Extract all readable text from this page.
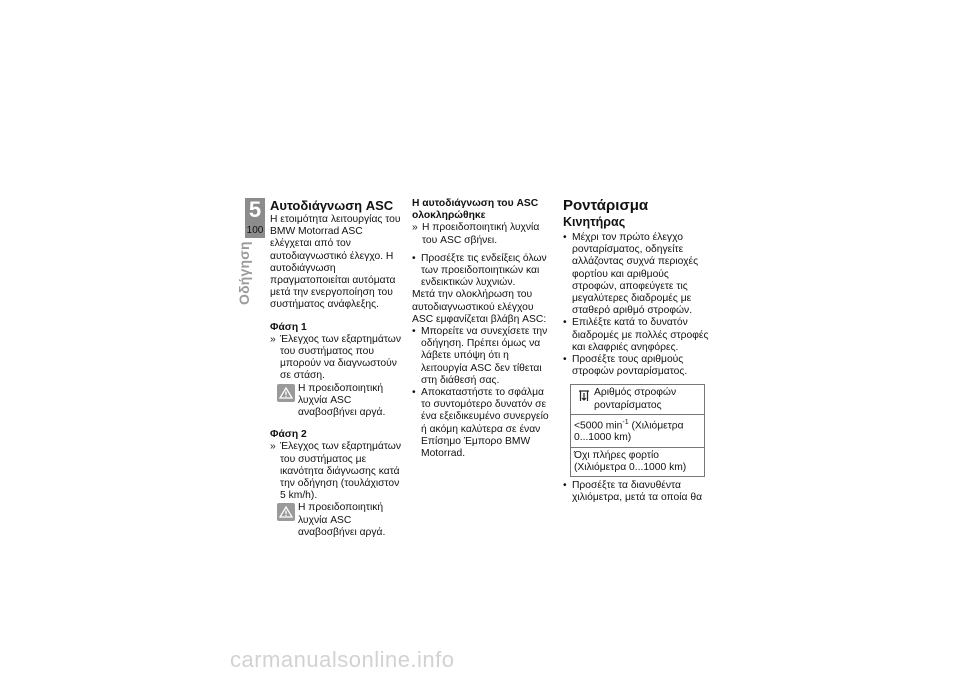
5
100
Οδήγηση
Αυτοδιάγνωση ASC

Η ετοιμότητα λειτουργίας του BMW Motorrad ASC ελέγχεται από τον αυτοδιαγνωστικό έλεγχο. Η αυτοδιάγνωση πραγματοποιείται αυτόματα μετά την ενεργοποίηση του συστήματος ανάφλεξης.

Φάση 1
» Έλεγχος των εξαρτημάτων του συστήματος που μπορούν να διαγνωστούν σε στάση.
Η προειδοποιητική λυχνία ASC αναβοσβήνει αργά.
Φάση 2
» Έλεγχος των εξαρτημάτων του συστήματος με ικανότητα διάγνωσης κατά την οδήγηση (τουλάχιστον 5 km/h).
Η προειδοποιητική λυχνία ASC αναβοσβήνει αργά.
Η αυτοδιάγνωση του ASC ολοκληρώθηκε
» Η προειδοποιητική λυχνία του ASC σβήνει.
• Προσέξτε τις ενδείξεις όλων των προειδοποιητικών και ενδεικτικών λυχνιών.

Μετά την ολοκλήρωση του αυτοδιαγνωστικού ελέγχου ASC εμφανίζεται βλάβη ASC:

• Μπορείτε να συνεχίσετε την οδήγηση. Πρέπει όμως να λάβετε υπόψη ότι η λειτουργία ASC δεν τίθεται στη διάθεσή σας.
• Αποκαταστήστε το σφάλμα το συντομότερο δυνατόν σε ένα εξειδικευμένο συνεργείο ή ακόμη καλύτερα σε έναν Επίσημο Έμπορο BMW Motorrad.
Ροντάρισμα
Κινητήρας
• Μέχρι τον πρώτο έλεγχο ρονταρίσματος, οδηγείτε αλλάζοντας συχνά περιοχές φορτίου και αριθμούς στροφών, αποφεύγετε τις μεγαλύτερες διαδρομές με σταθερό αριθμό στροφών.
• Επιλέξτε κατά το δυνατόν διαδρομές με πολλές στροφές και ελαφριές ανηφόρες.
• Προσέξτε τους αριθμούς στροφών ρονταρίσματος.
Αριθμός στροφών ρονταρίσματος

<5000 $\min^{-1} (X\iota\lambda\iota ό\mu\varepsilon\tau\rho\alpha$ 0...1000 km)
Όχι πλήρες φορτίο (Χιλιόμετρα 0...1000 km)
• Προσέξτε τα διανυθέντα χιλιόμετρα, μετά τα οποία θα
carmanualsonline.info
